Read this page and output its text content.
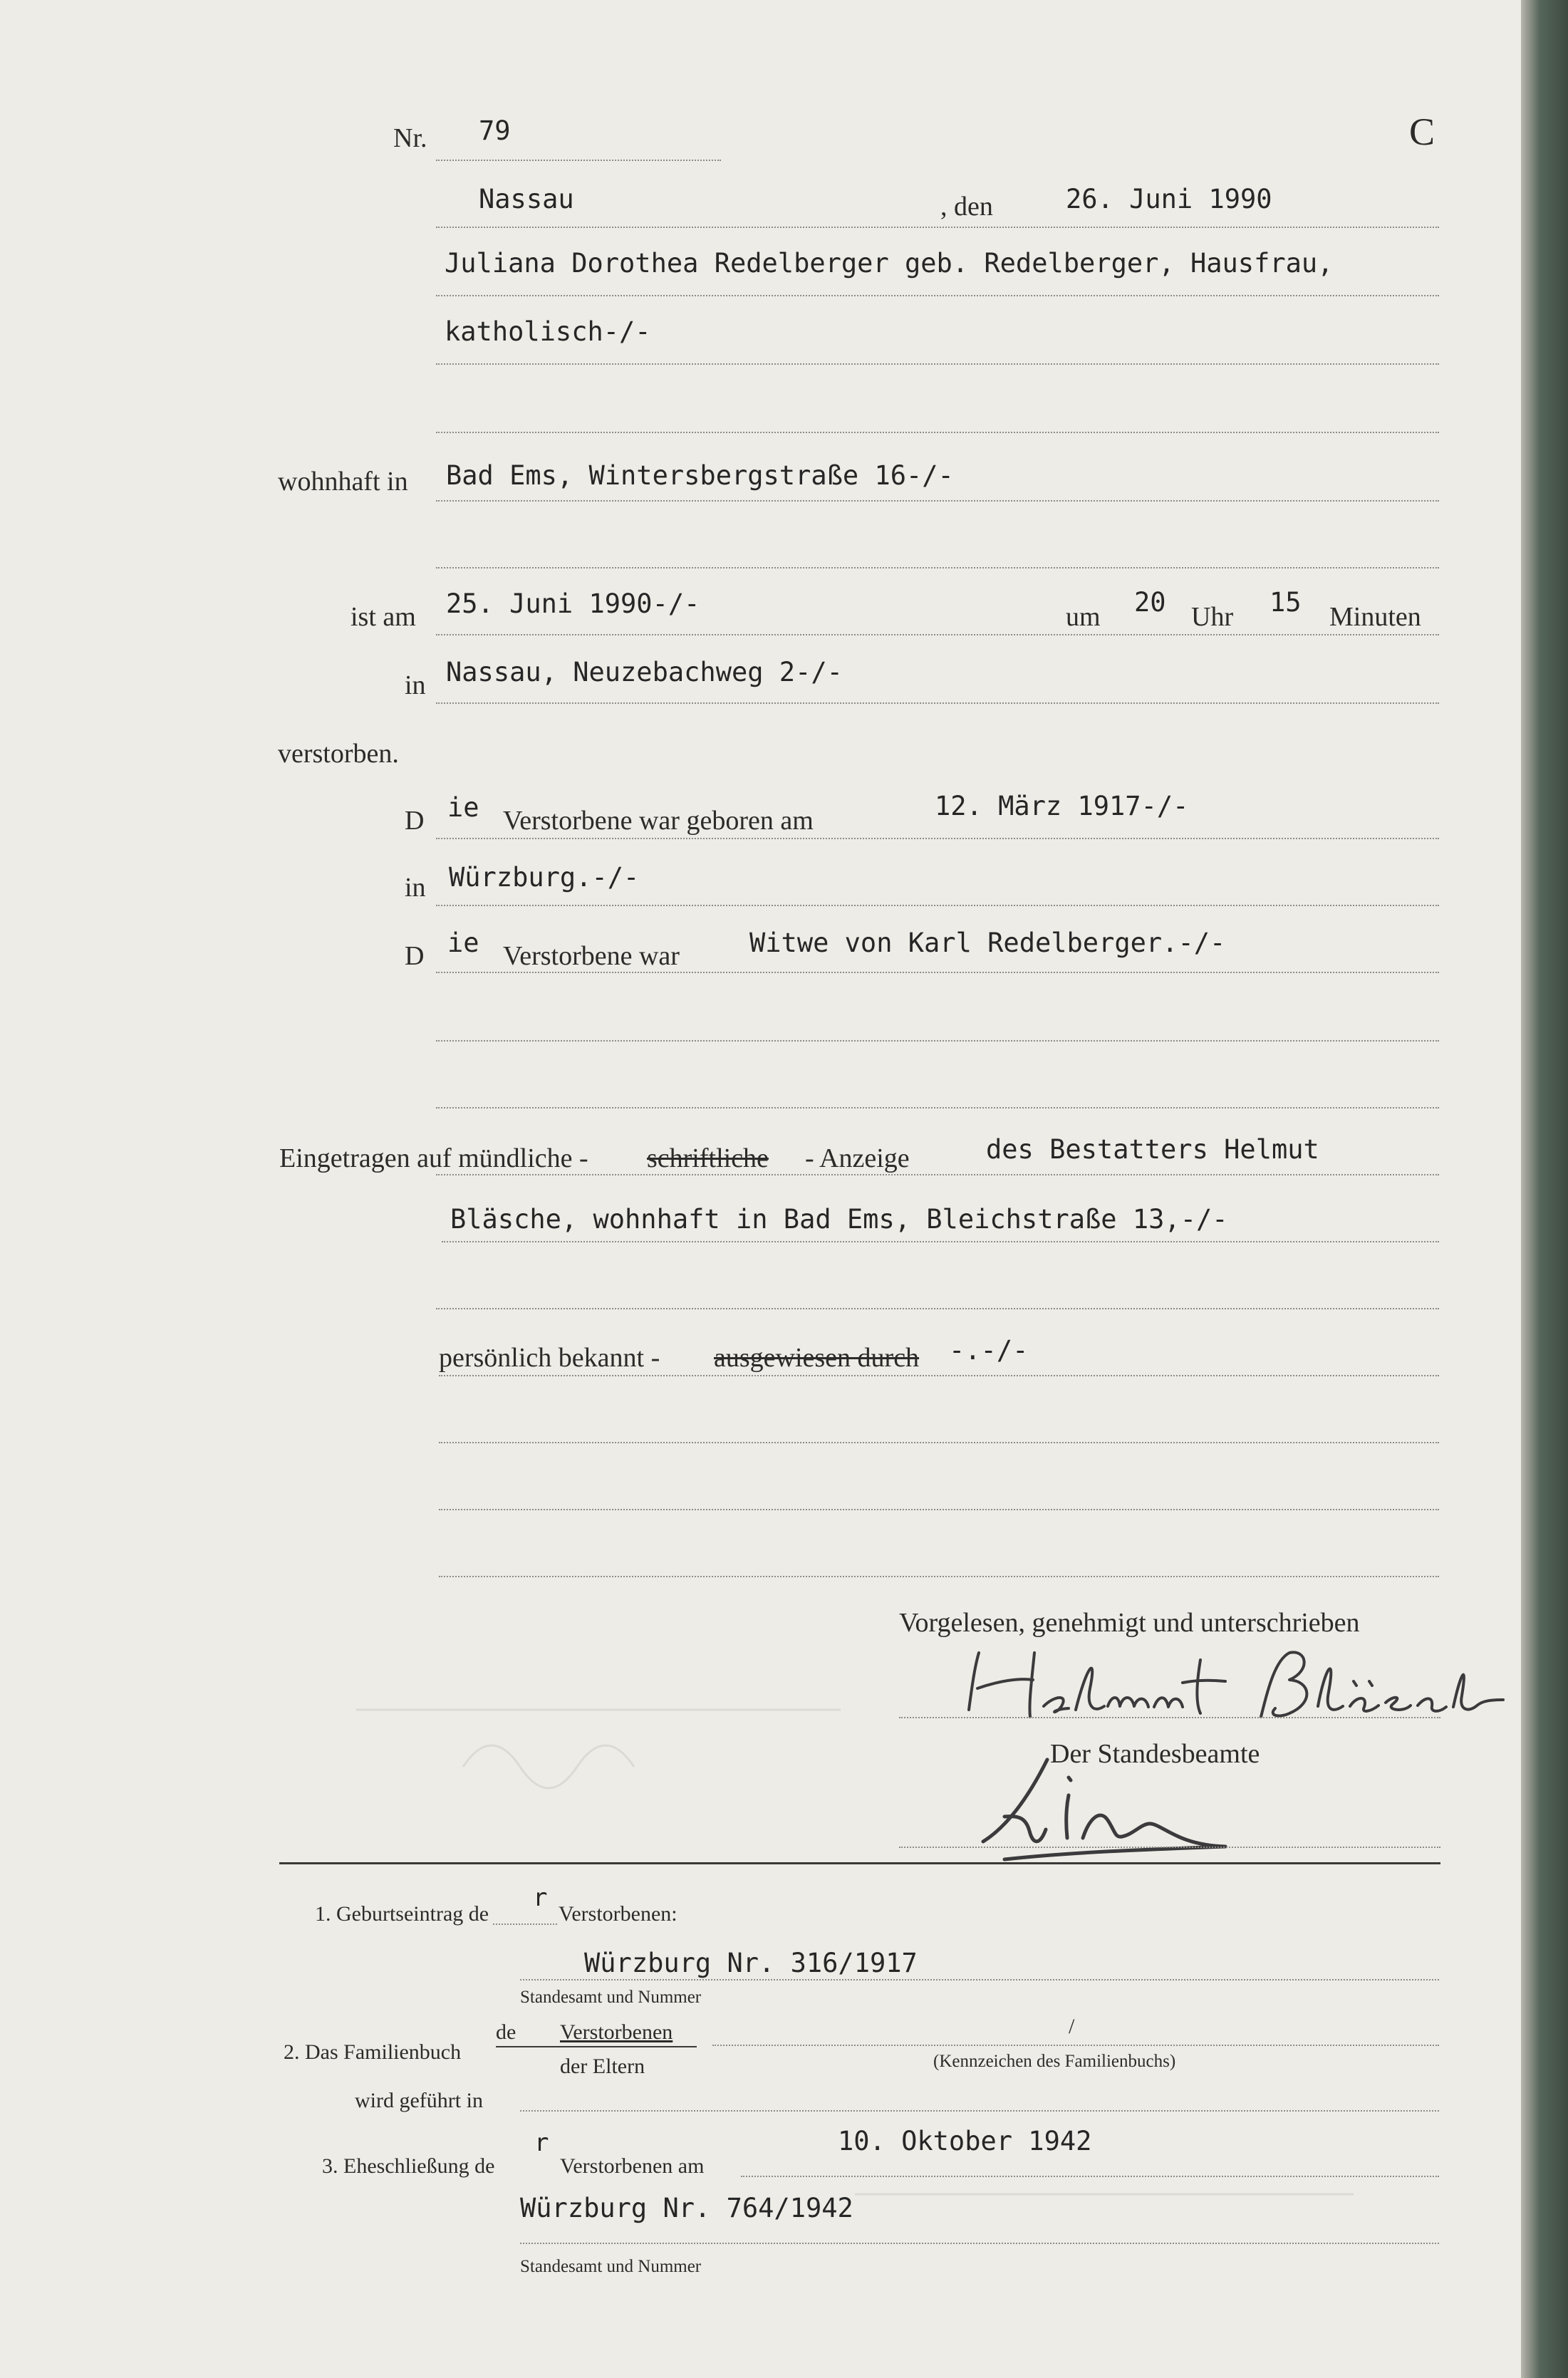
Nr. 79	C
Nassau	, den	26. Juni 1990
Juliana Dorothea Redelberger geb. Redelberger, Hausfrau,
katholisch-/-
wohnhaft in Bad Ems, Wintersbergstraße 16-/-
ist am 25. Juni 1990-/-	um 20 Uhr 15 Minuten
in Nassau, Neuzebachweg 2-/-
verstorben.
D ie Verstorbene war geboren am	12. März 1917-/-
in Würzburg.-/-
D ie Verstorbene war	Witwe von Karl Redelberger.-/-
Eingetragen auf mündliche - schriftliche - Anzeige	des Bestatters Helmut
Bläsche, wohnhaft in Bad Ems, Bleichstraße 13,-/-
persönlich bekannt - ausgewiesen durch -.-/-
Vorgelesen, genehmigt und unterschrieben
Der Standesbeamte
1. Geburtseintrag de
r
Verstorbenen:
Würzburg Nr. 316/1917
Standesamt und Nummer
2. Das Familienbuch
de Verstorbenen
der Eltern
/
(Kennzeichen des Familienbuchs)
wird geführt in
3. Eheschließung de
r
Verstorbenen am
10. Oktober 1942
Würzburg Nr. 764/1942
Standesamt und Nummer
